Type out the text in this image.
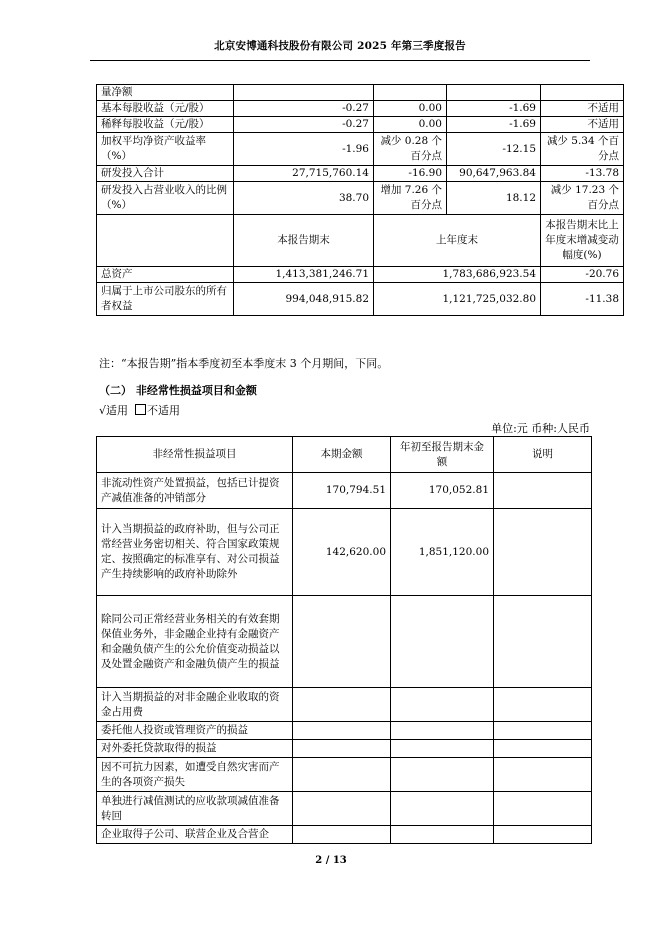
北京安博通科技股份有限公司 2025 年第三季度报告
量净额				
基本每股收益（元/股）	-0.27	0.00	-1.69	不适用
稀释每股收益（元/股）	-0.27	0.00	-1.69	不适用
加权平均净资产收益率（%）	-1.96	减少 0.28 个百分点	-12.15	减少 5.34 个百分点
研发投入合计	27,715,760.14	-16.90	90,647,963.84	-13.78
研发投入占营业收入的比例（%）	38.70	增加 7.26 个百分点	18.12	减少 17.23 个百分点
	本报告期末	上年度末		本报告期末比上年度末增减变动幅度(%)
总资产	1,413,381,246.71	1,783,686,923.54		-20.76
归属于上市公司股东的所有者权益	994,048,915.82	1,121,725,032.80		-11.38
注：“本报告期”指本季度初至本季度末 3 个月期间，下同。
（二） 非经常性损益项目和金额
√适用 不适用
单位:元 币种:人民币
非经常性损益项目	本期金额	年初至报告期末金额	说明
非流动性资产处置损益，包括已计提资产减值准备的冲销部分	170,794.51	170,052.81	
计入当期损益的政府补助，但与公司正常经营业务密切相关、符合国家政策规定、按照确定的标准享有、对公司损益产生持续影响的政府补助除外	142,620.00	1,851,120.00	
除同公司正常经营业务相关的有效套期保值业务外，非金融企业持有金融资产和金融负债产生的公允价值变动损益以及处置金融资产和金融负债产生的损益			
计入当期损益的对非金融企业收取的资金占用费			
委托他人投资或管理资产的损益			
对外委托贷款取得的损益			
因不可抗力因素，如遭受自然灾害而产生的各项资产损失			
单独进行减值测试的应收款项减值准备转回			
企业取得子公司、联营企业及合营企			
2 / 13
